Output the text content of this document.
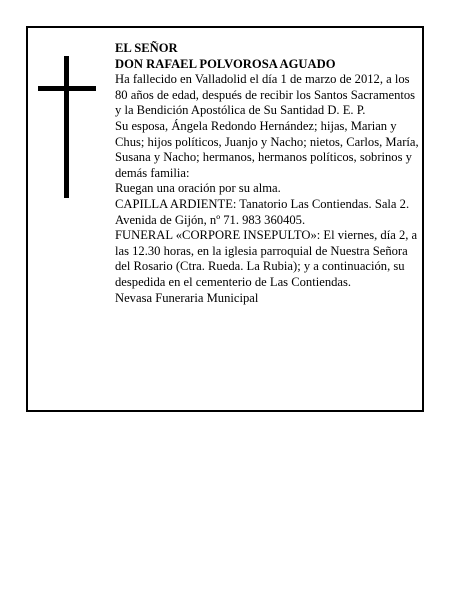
EL SEÑOR

DON RAFAEL POLVOROSA AGUADO

Ha fallecido en Valladolid el día 1 de marzo de 2012, a los 80 años de edad, después de recibir los Santos Sacramentos y la Bendición Apostólica de Su Santidad D. E. P.

Su esposa, Ángela Redondo Hernández; hijas, Marian y Chus; hijos políticos, Juanjo y Nacho; nietos, Carlos, María, Susana y Nacho; hermanos, hermanos políticos, sobrinos y demás familia:

Ruegan una oración por su alma.

CAPILLA ARDIENTE: Tanatorio Las Contiendas. Sala 2. Avenida de Gijón, nº 71. 983 360405.

FUNERAL «CORPORE INSEPULTO»: El viernes, día 2, a las 12.30 horas, en la iglesia parroquial de Nuestra Señora del Rosario (Ctra. Rueda. La Rubia); y a continuación, su despedida en el cementerio de Las Contiendas.

Nevasa Funeraria Municipal
